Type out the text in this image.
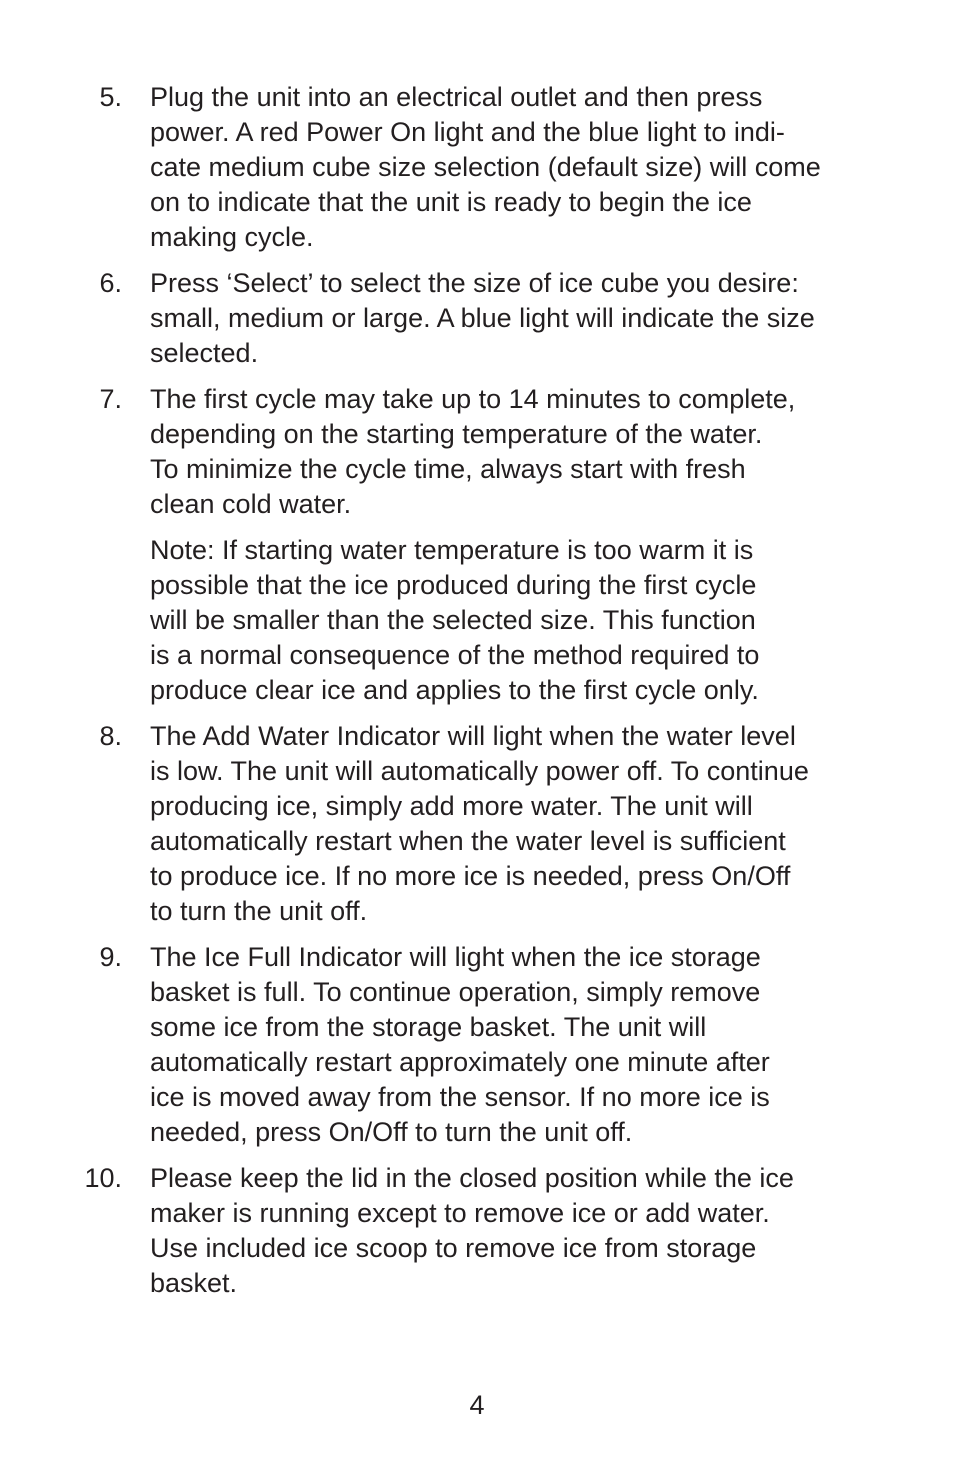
5. Plug the unit into an electrical outlet and then press
power. A red Power On light and the blue light to indi-
cate medium cube size selection (default size) will come
on to indicate that the unit is ready to begin the ice
making cycle.
6. Press ‘Select’ to select the size of ice cube you desire:
small, medium or large. A blue light will indicate the size
selected.
7. The first cycle may take up to 14 minutes to complete,
depending on the starting temperature of the water.
To minimize the cycle time, always start with fresh
clean cold water.
Note: If starting water temperature is too warm it is
possible that the ice produced during the first cycle
will be smaller than the selected size. This function
is a normal consequence of the method required to
produce clear ice and applies to the first cycle only.
8. The Add Water Indicator will light when the water level
is low. The unit will automatically power off. To continue
producing ice, simply add more water. The unit will
automatically restart when the water level is sufficient
to produce ice. If no more ice is needed, press On/Off
to turn the unit off.
9. The Ice Full Indicator will light when the ice storage
basket is full. To continue operation, simply remove
some ice from the storage basket. The unit will
automatically restart approximately one minute after
ice is moved away from the sensor. If no more ice is
needed, press On/Off to turn the unit off.
10. Please keep the lid in the closed position while the ice
maker is running except to remove ice or add water.
Use included ice scoop to remove ice from storage
basket.
4
